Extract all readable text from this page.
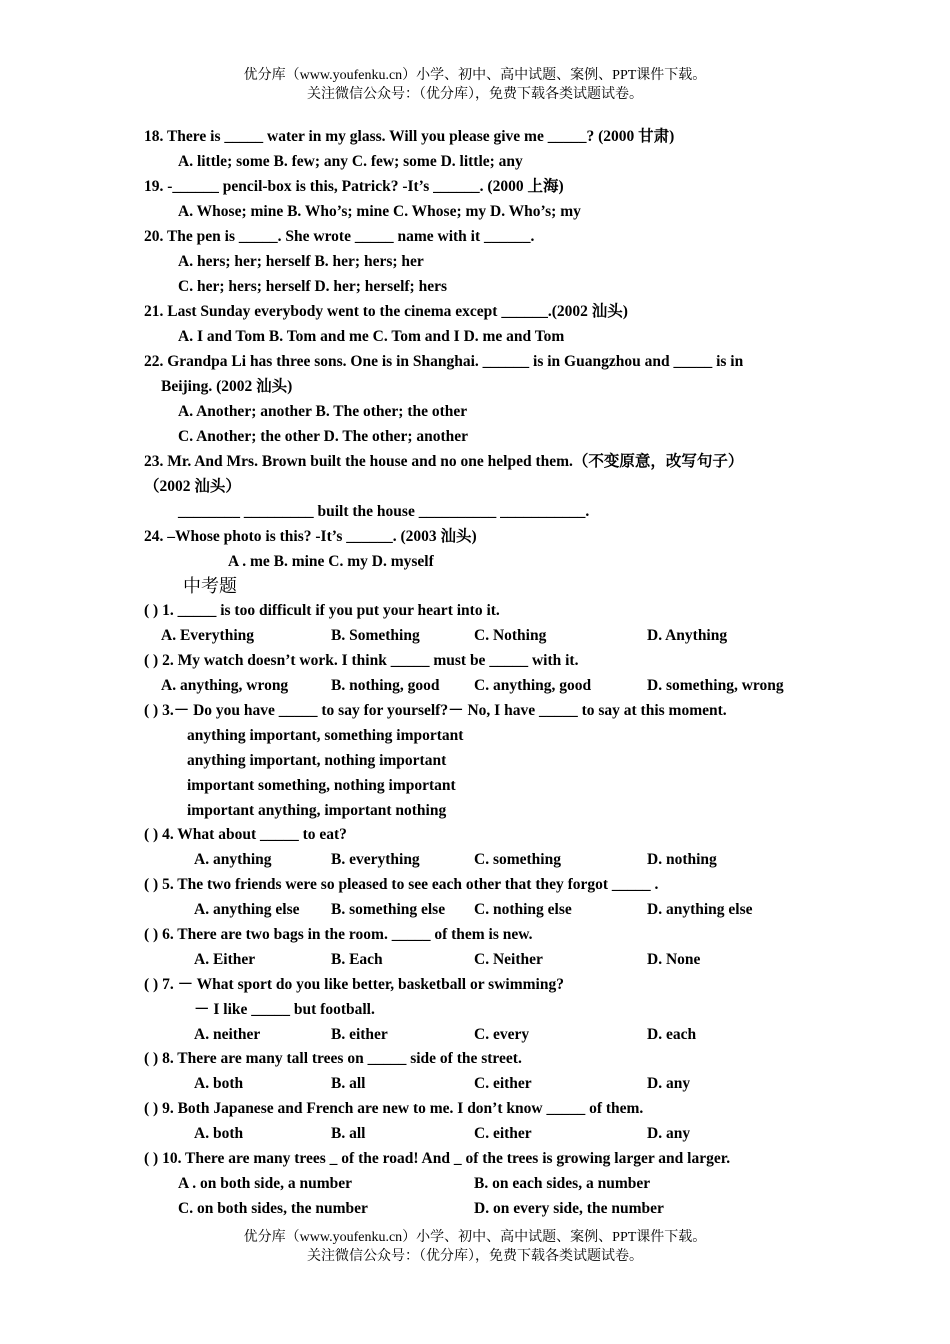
优分库（www.youfenku.cn）小学、初中、高中试题、案例、PPT课件下载。
关注微信公众号：（优分库），免费下载各类试题试卷。
18. There is _____ water in my glass. Will you please give me _____? (2000 甘肃)
A. little; some B. few; any C. few; some D. little; any
19. -______ pencil-box is this, Patrick? -It’s ______. (2000 上海)
A. Whose; mine B. Who’s; mine C. Whose; my D. Who’s; my
20. The pen is _____. She wrote _____ name with it ______.
A. hers; her; herself B. her; hers; her
C. her; hers; herself D. her; herself; hers
21. Last Sunday everybody went to the cinema except ______.(2002 汕头)
A. I and Tom B. Tom and me C. Tom and I D. me and Tom
22. Grandpa Li has three sons. One is in Shanghai. ______ is in Guangzhou and _____ is in
Beijing. (2002 汕头)
A. Another; another B. The other; the other
C. Another; the other D. The other; another
23. Mr. And Mrs. Brown built the house and no one helped them.（不变原意，改写句子）
（2002 汕头）
________ _________ built the house __________ ___________.
24. –Whose photo is this? -It’s ______. (2003 汕头)
A . me B. mine C. my D. myself
中考题
( ) 1. _____ is too difficult if you put your heart into it.
A. Everything	B. Something	C. Nothing	D. Anything
( ) 2. My watch doesn’t work. I think _____ must be _____ with it.
A. anything, wrong	B. nothing, good C. anything, good	D. something, wrong
( ) 3.－ Do you have _____ to say for yourself?－ No, I have _____ to say at this moment.
anything important, something important
anything important, nothing important
important something, nothing important
important anything, important nothing
( ) 4. What about _____ to eat?
A. anything	B. everything	C. something	D. nothing
( ) 5. The two friends were so pleased to see each other that they forgot _____ .
A. anything else B. something else C. nothing else	D. anything else
( ) 6. There are two bags in the room. _____ of them is new.
A. Either	B. Each	C. Neither	D. None
( ) 7. － What sport do you like better, basketball or swimming?
－ I like _____ but football.
A. neither	B. either	C. every	D. each
( ) 8. There are many tall trees on _____ side of the street.
A. both	B. all	C. either	D. any
( ) 9. Both Japanese and French are new to me. I don’t know _____ of them.
A. both	B. all	C. either	D. any
( ) 10. There are many trees _ of the road! And _ of the trees is growing larger and larger.
A . on both side, a number	B. on each sides, a number
C. on both sides, the number	D. on every side, the number
优分库（www.youfenku.cn）小学、初中、高中试题、案例、PPT课件下载。
关注微信公众号：（优分库），免费下载各类试题试卷。
